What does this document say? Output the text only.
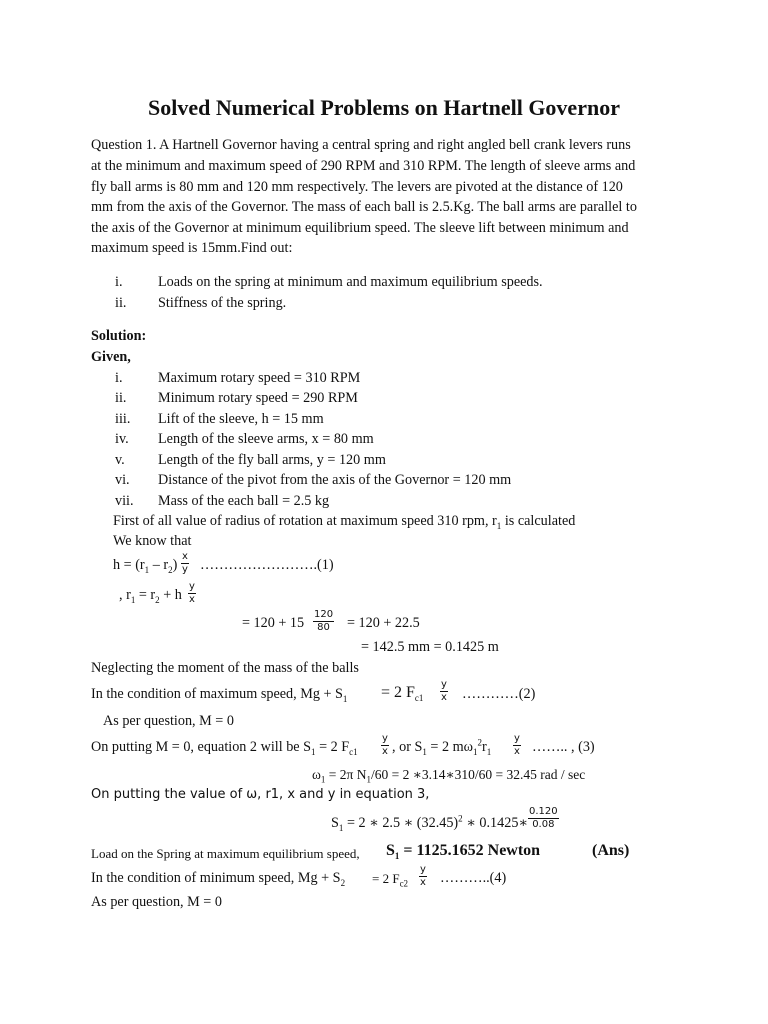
Solved Numerical Problems on Hartnell Governor
Question 1. A Hartnell Governor having a central spring and right angled bell crank levers runs
at the minimum and maximum speed of 290 RPM and 310 RPM. The length of sleeve arms and
fly ball arms is 80 mm and 120 mm respectively. The levers are pivoted at the distance of 120
mm from the axis of the Governor. The mass of each ball is 2.5.Kg. The ball arms are parallel to
the axis of the Governor at minimum equilibrium speed. The sleeve lift between minimum and
maximum speed is 15mm.Find out:
i.	Loads on the spring at minimum and maximum equilibrium speeds.
ii. Stiffness of the spring.
Solution:
Given,
i.	Maximum rotary speed = 310 RPM
ii. Minimum rotary speed = 290 RPM
iii. Lift of the sleeve, h = 15 mm
iv. Length of the sleeve arms, x = 80 mm
v. Length of the fly ball arms, y = 120 mm
vi. Distance of the pivot from the axis of the Governor = 120 mm
vii. Mass of the each ball = 2.5 kg
First of all value of radius of rotation at maximum speed 310 rpm, $r_1$ is calculated
We know that
$h = (r_1 - r_2) \frac{x}{y}$ …………………….(1)
, $r_1 = r_2 + h \frac{y}{x}$
= $120 + 15 \frac{120}{80} = 120 + 22.5$
= 142.5 mm = 0.1425 m
Neglecting the moment of the mass of the balls
In the condition of maximum speed, $Mg + S_1 = 2$ $F_{c1} \frac{y}{x}$ …………(2)
As per question, M = 0
On putting M = 0, equation 2 will be $S_1 = 2$ $F_{c1} \frac{y}{x}$ , or $S_1 = 2$ $m\omega_1^2r_1 \frac{y}{x}$ …….. , (3)
$\omega_1 = 2\pi$ $N_1/60 = 2$ ∗3.14∗310/60 = 32.45 rad / sec
On putting the value of ω, r1, x and y in equation 3,
$S_1 = 2$ ∗ 2.5 ∗ $(32.45)^2$ ∗ 0.1425∗ $\frac{0.120}{0.08}$
Load on the Spring at maximum equilibrium speed, $S_1 = 1125.1652$ Newton	(Ans)
In the condition of minimum speed, $Mg + S_2 = 2$ $F_{c2} \frac{y}{x}$ ………..(4)
As per question, M = 0
